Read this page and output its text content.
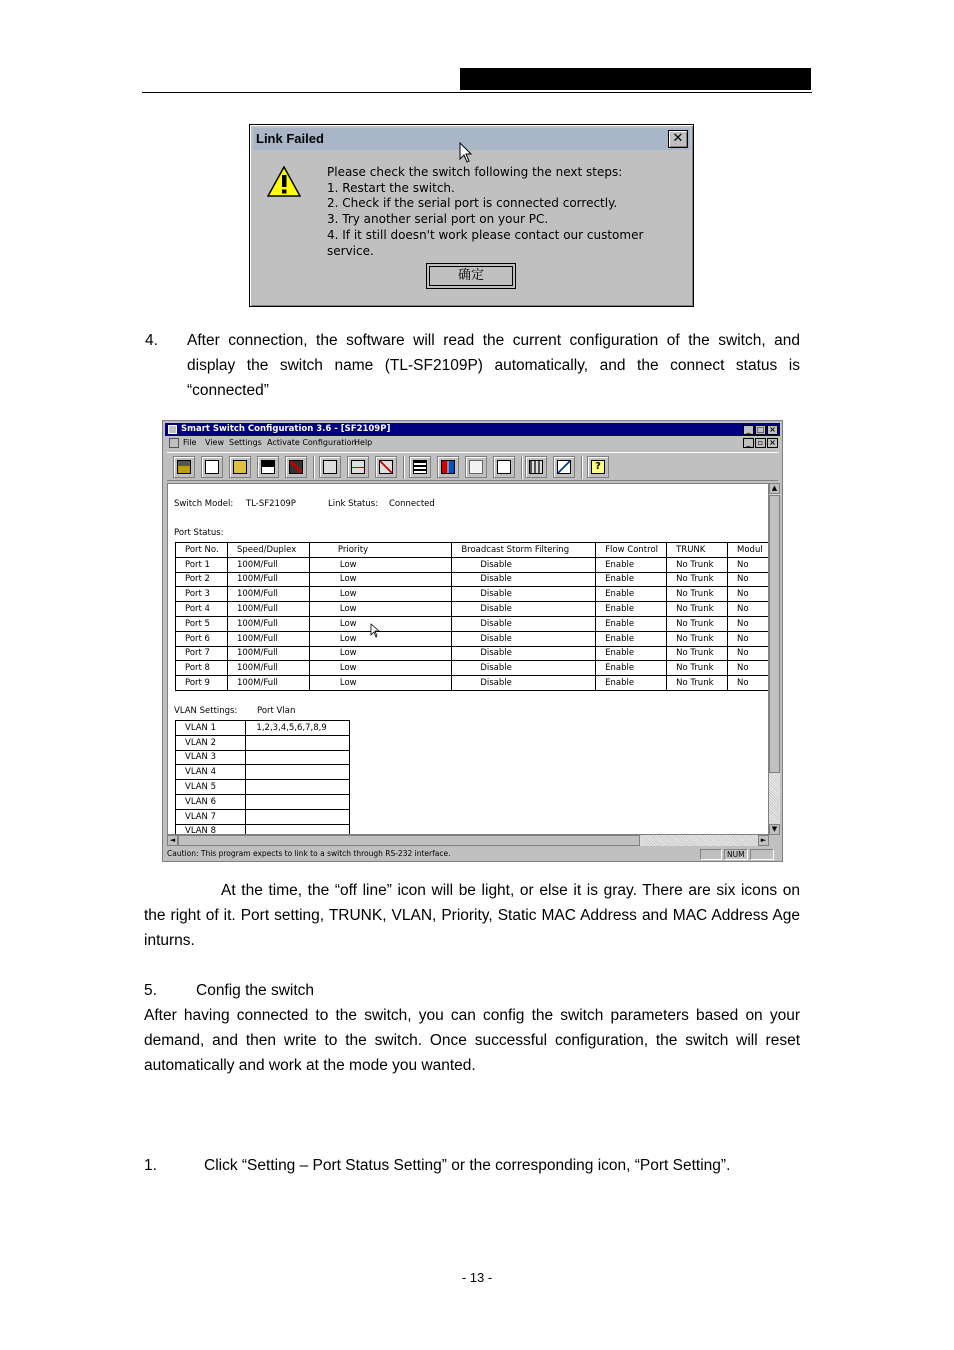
Link Failed	✕
Please check the switch following the next steps:
1. Restart the switch.
2. Check if the serial port is connected correctly.
3. Try another serial port on your PC.
4. If it still doesn't work please contact our customer service.
确定
4. After connection, the software will read the current configuration of the switch, and display the switch name (TL-SF2109P) automatically, and the connect status is “connected”
Smart Switch Configuration 3.6 - [SF2109P]	_ □ ×
File View Settings Activate Configuration
Help	_ ▫ ×
?
Switch Model: TL-SF2109P	Link Status: Connected
Port Status:
Port No.	Speed/Duplex	Priority	Broadcast Storm Filtering	Flow Control	TRUNK	Modul
Port 1	100M/Full	Low	Disable	Enable	No Trunk	No
Port 2	100M/Full	Low	Disable	Enable	No Trunk	No
Port 3	100M/Full	Low	Disable	Enable	No Trunk	No
Port 4	100M/Full	Low	Disable	Enable	No Trunk	No
Port 5	100M/Full	Low	Disable	Enable	No Trunk	No
Port 6	100M/Full	Low	Disable	Enable	No Trunk	No
Port 7	100M/Full	Low	Disable	Enable	No Trunk	No
Port 8	100M/Full	Low	Disable	Enable	No Trunk	No
Port 9	100M/Full	Low	Disable	Enable	No Trunk	No
VLAN Settings: Port Vlan
VLAN 1	1,2,3,4,5,6,7,8,9
VLAN 2	
VLAN 3	
VLAN 4	
VLAN 5	
VLAN 6	
VLAN 7	
VLAN 8	
▲
▼
◄	►
Caution: This program expects to link to a switch through RS-232 interface.	NUM
At the time, the “off line” icon will be light, or else it is gray. There are six icons on the right of it. Port setting, TRUNK, VLAN, Priority, Static MAC Address and MAC Address Age inturns.
5.	Config the switch
After having connected to the switch, you can config the switch parameters based on your demand, and then write to the switch. Once successful configuration, the switch will reset automatically and work at the mode you wanted.
1.	Click “Setting – Port Status Setting” or the corresponding icon, “Port Setting”.
- 13 -
